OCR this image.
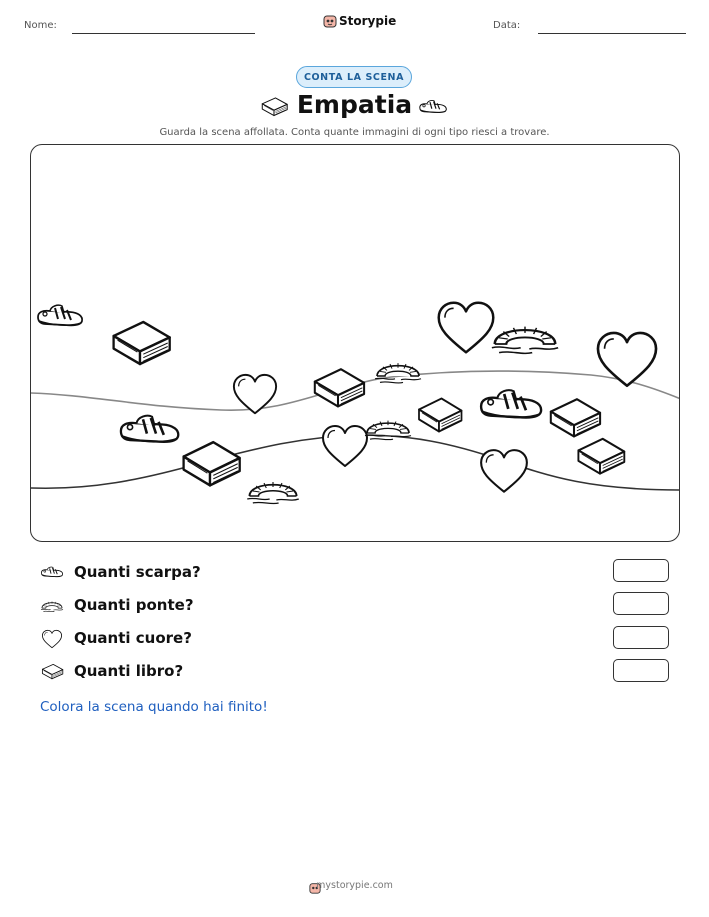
Nome:	Storypie	Data:
CONTA LA SCENA
Empatia
Guarda la scena affollata. Conta quante immagini di ogni tipo riesci a trovare.
Quanti scarpa?
Quanti ponte?
Quanti cuore?
Quanti libro?
Colora la scena quando hai finito!
mystorypie.com
